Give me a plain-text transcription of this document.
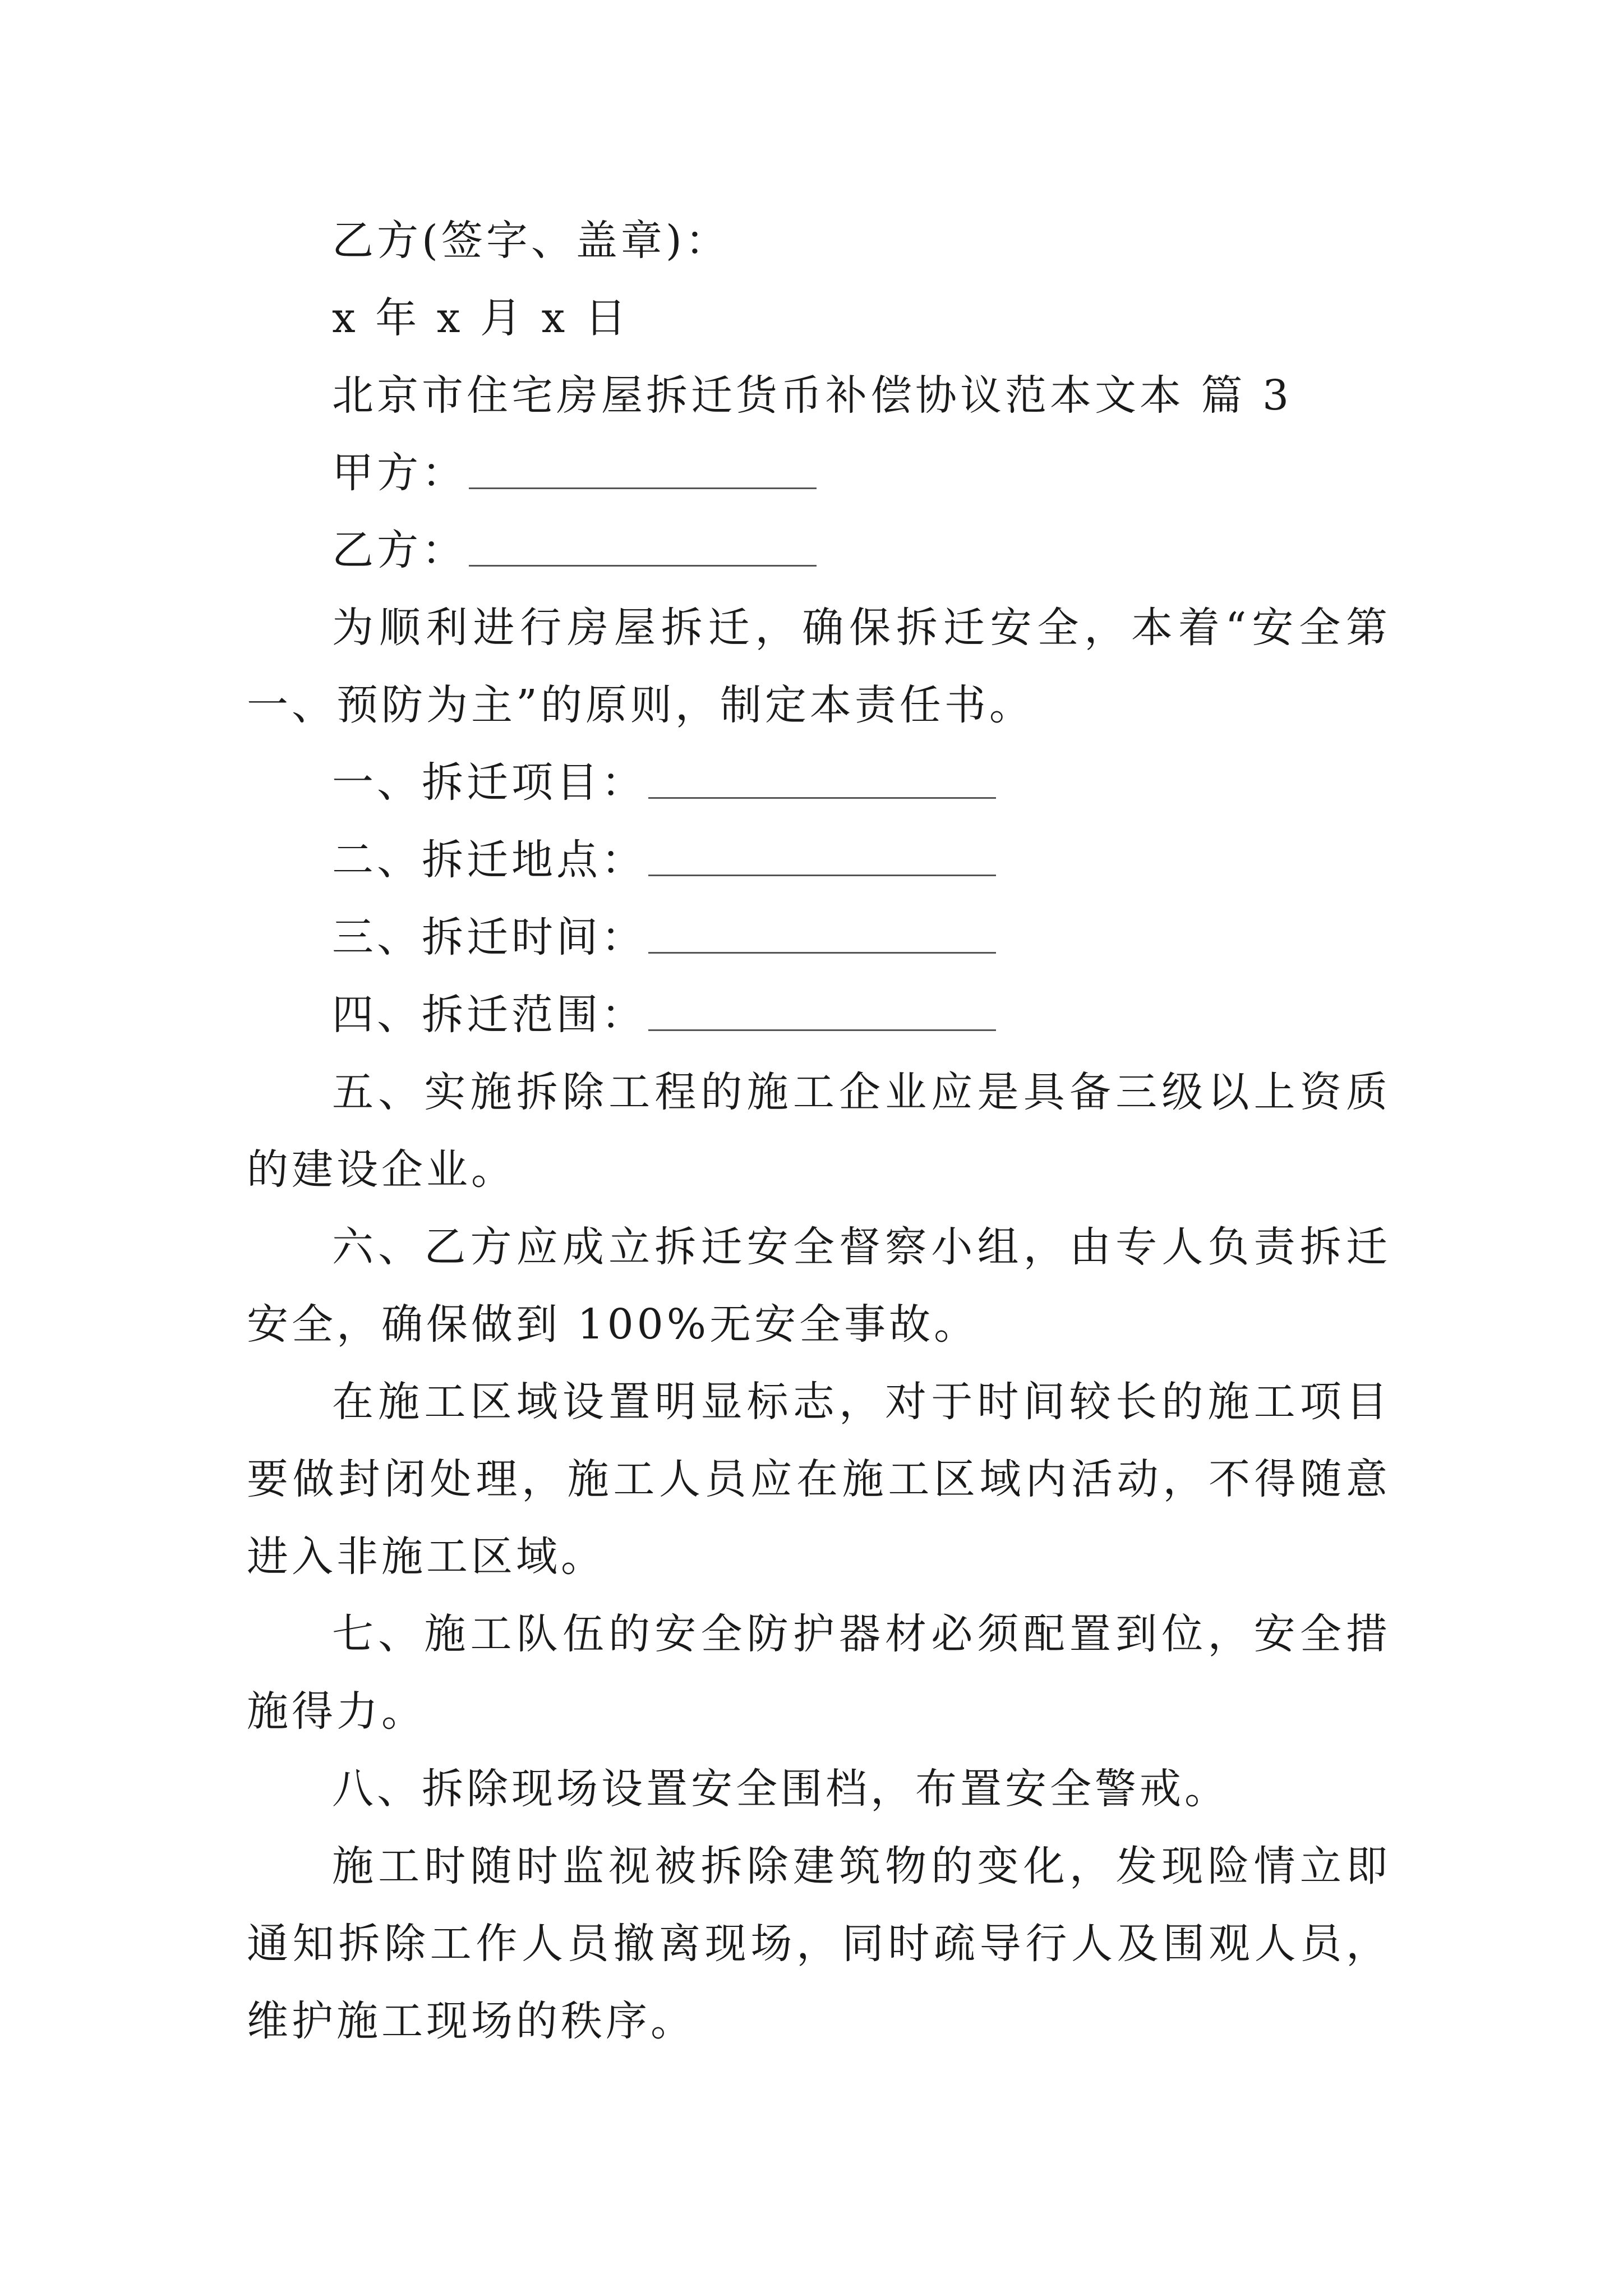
乙方(签字、盖章)：
x 年 x 月 x 日
北京市住宅房屋拆迁货币补偿协议范本文本 篇 3
甲方：
乙方：

为顺利进行房屋拆迁，确保拆迁安全，本着“安全第一、预防为主”的原则，制定本责任书。

一、拆迁项目：
二、拆迁地点：
三、拆迁时间：
四、拆迁范围：

五、实施拆除工程的施工企业应是具备三级以上资质的建设企业。

六、乙方应成立拆迁安全督察小组，由专人负责拆迁安全，确保做到 100%无安全事故。

在施工区域设置明显标志，对于时间较长的施工项目要做封闭处理，施工人员应在施工区域内活动，不得随意进入非施工区域。

七、施工队伍的安全防护器材必须配置到位，安全措施得力。

八、拆除现场设置安全围档，布置安全警戒。

施工时随时监视被拆除建筑物的变化，发现险情立即通知拆除工作人员撤离现场，同时疏导行人及围观人员，维护施工现场的秩序。
